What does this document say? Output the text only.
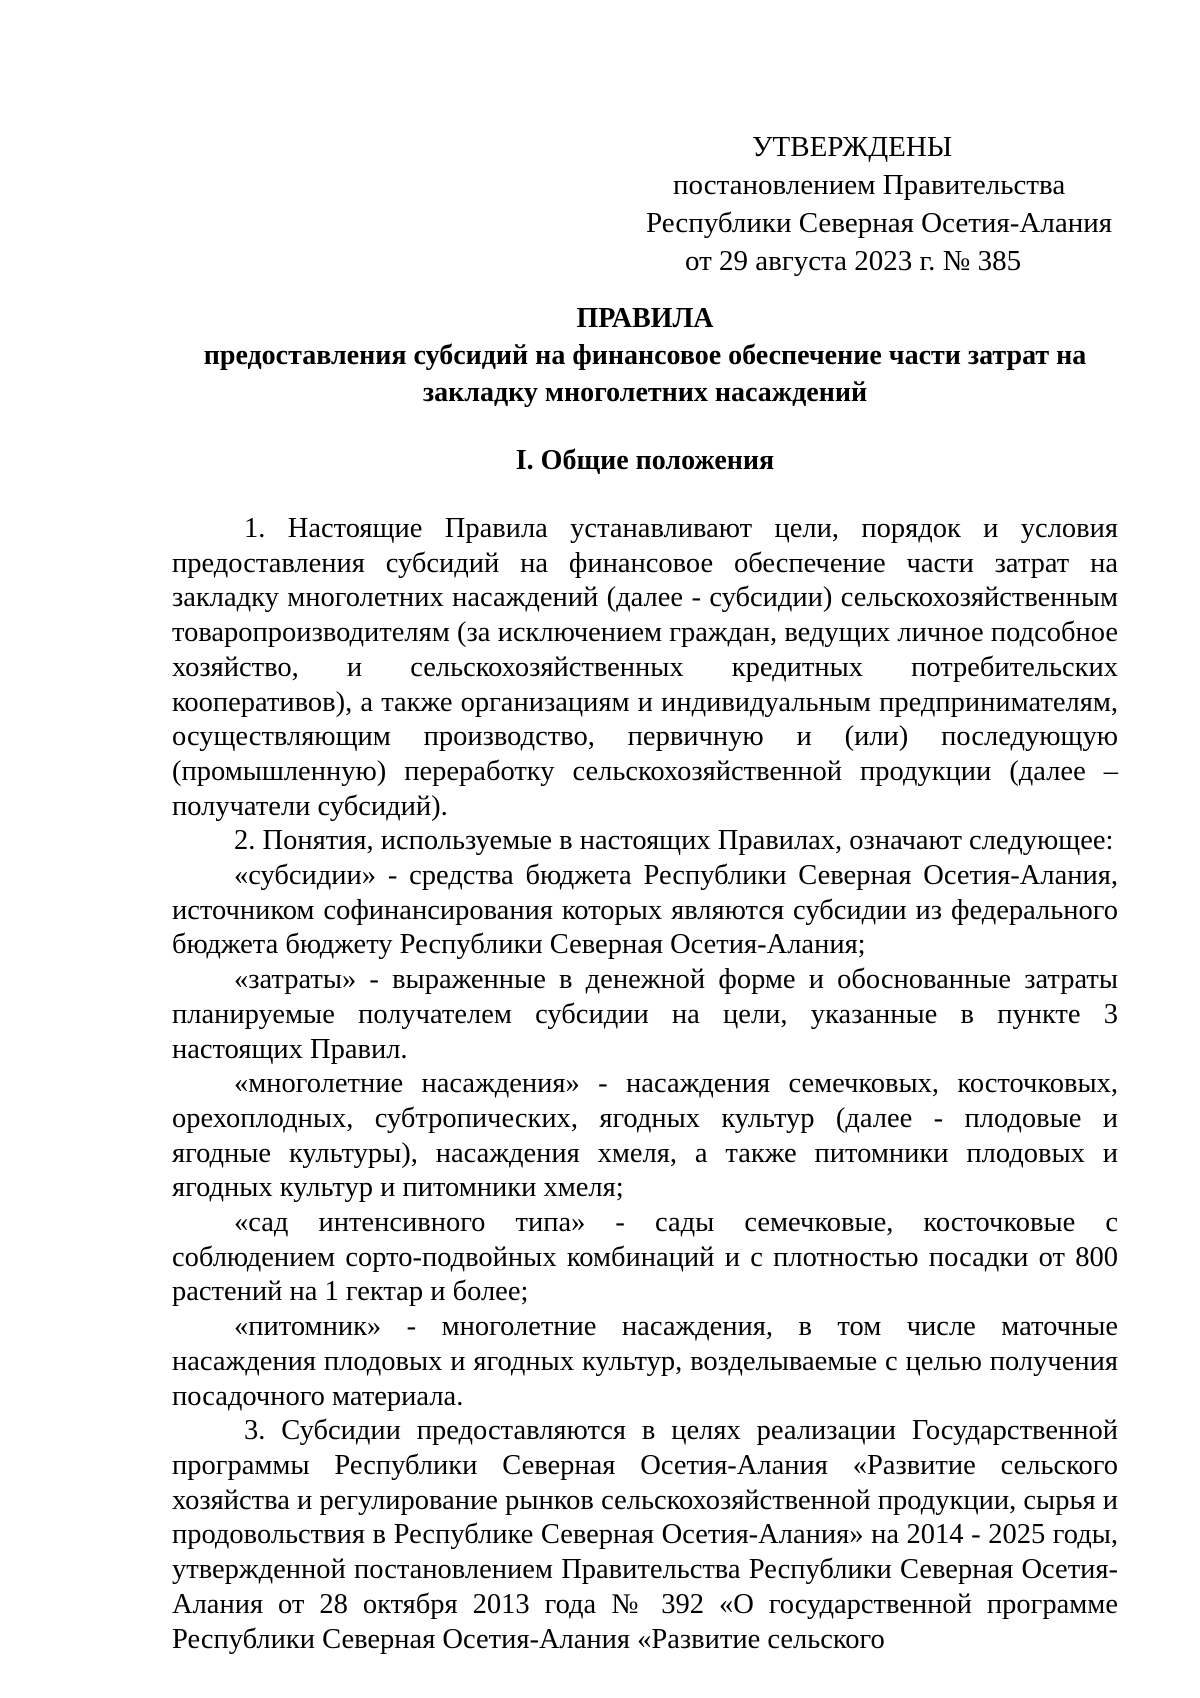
УТВЕРЖДЕНЫ
постановлением Правительства
Республики Северная Осетия-Алания
от 29 августа 2023 г. № 385
ПРАВИЛА
предоставления субсидий на финансовое обеспечение части затрат на
закладку многолетних насаждений
I. Общие положения

1. Настоящие Правила устанавливают цели, порядок и условия предоставления субсидий на финансовое обеспечение части затрат на закладку многолетних насаждений (далее - субсидии) сельскохозяйственным товаропроизводителям (за исключением граждан, ведущих личное подсобное хозяйство, и сельскохозяйственных кредитных потребительских кооперативов), а также организациям и индивидуальным предпринимателям, осуществляющим производство, первичную и (или) последующую (промышленную) переработку сельскохозяйственной продукции (далее – получатели субсидий).

2. Понятия, используемые в настоящих Правилах, означают следующее:

«субсидии» - средства бюджета Республики Северная Осетия-Алания, источником софинансирования которых являются субсидии из федерального бюджета бюджету Республики Северная Осетия-Алания;

«затраты» - выраженные в денежной форме и обоснованные затраты планируемые получателем субсидии на цели, указанные в пункте 3 настоящих Правил.

«многолетние насаждения» - насаждения семечковых, косточковых, орехоплодных, субтропических, ягодных культур (далее - плодовые и ягодные культуры), насаждения хмеля, а также питомники плодовых и ягодных культур и питомники хмеля;

«сад интенсивного типа» - сады семечковые, косточковые с соблюдением сорто-подвойных комбинаций и с плотностью посадки от 800 растений на 1 гектар и более;

«питомник» - многолетние насаждения, в том числе маточные насаждения плодовых и ягодных культур, возделываемые с целью получения посадочного материала.

3. Субсидии предоставляются в целях реализации Государственной программы Республики Северная Осетия-Алания «Развитие сельского хозяйства и регулирование рынков сельскохозяйственной продукции, сырья и продовольствия в Республике Северная Осетия-Алания» на 2014 - 2025 годы, утвержденной постановлением Правительства Республики Северная Осетия-Алания от 28 октября 2013 года № 392 «О государственной программе Республики Северная Осетия-Алания «Развитие сельского
